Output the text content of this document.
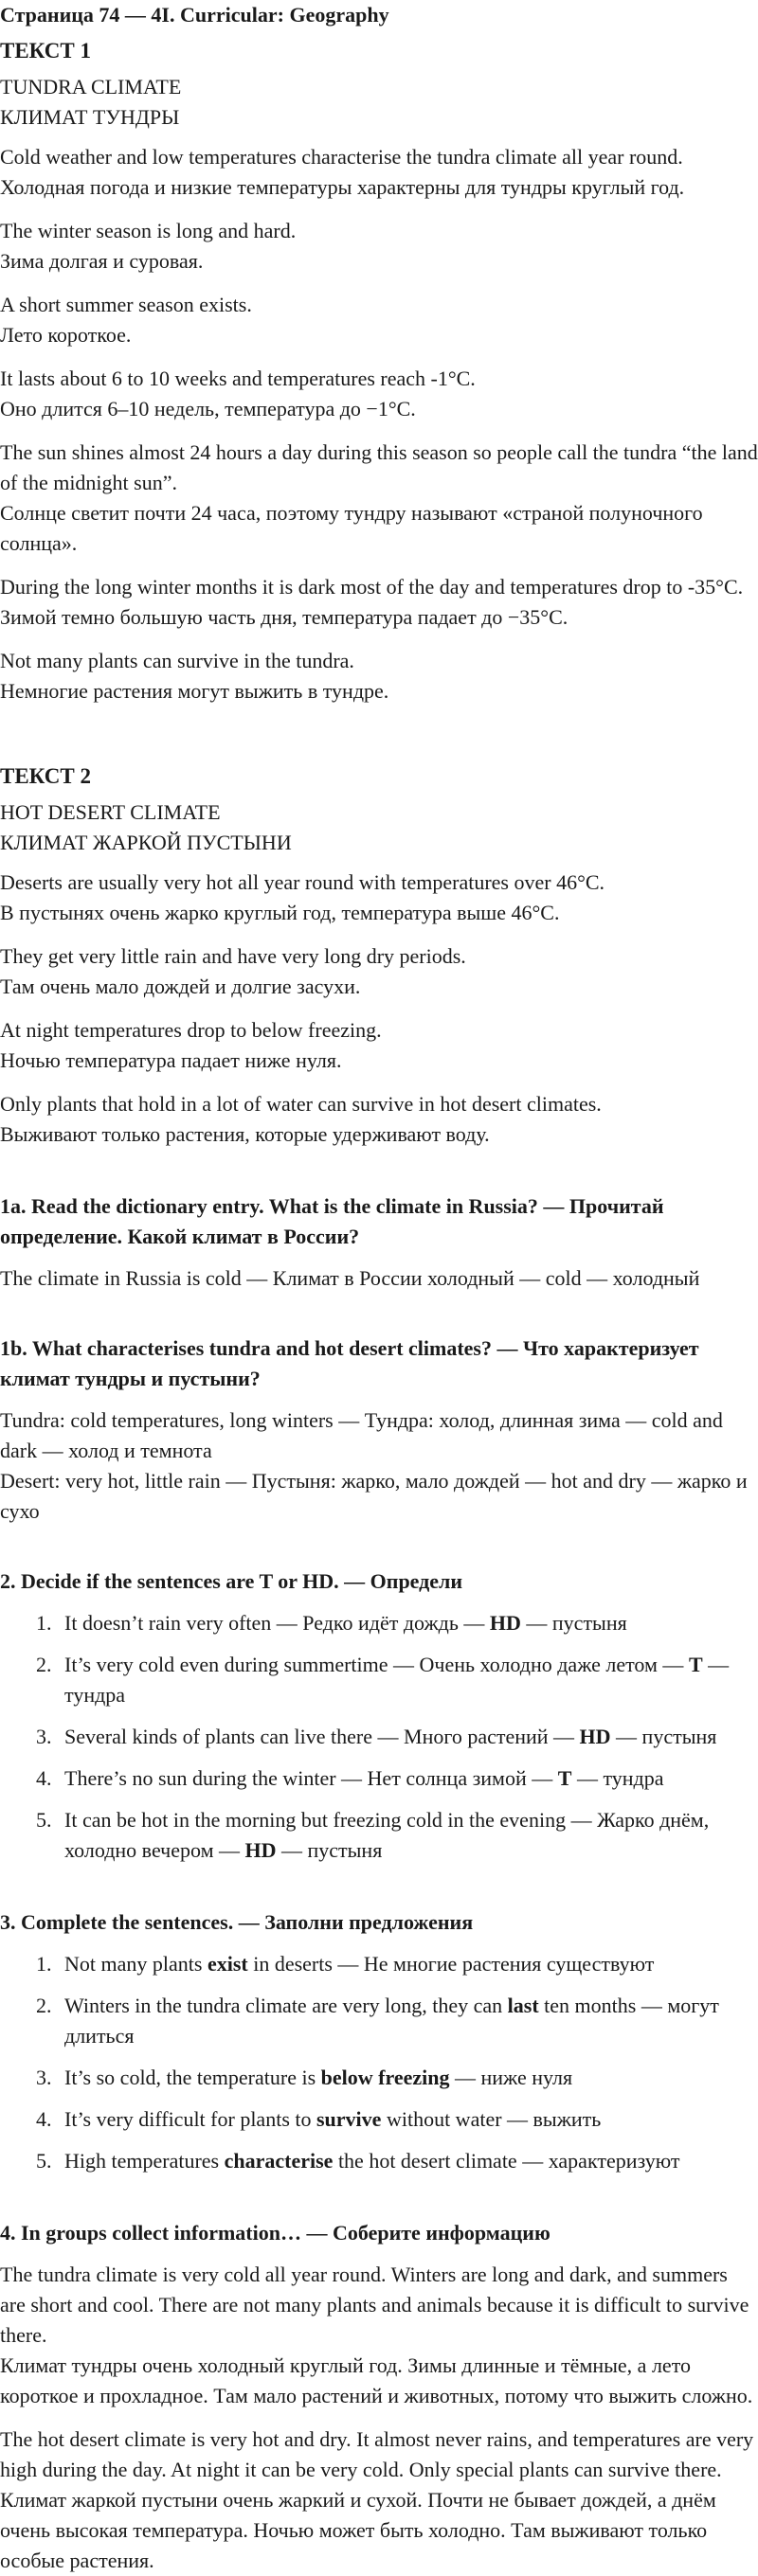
Страница 74 — 4I. Curricular: Geography
ТЕКСТ 1
TUNDRA CLIMATE
КЛИМАТ ТУНДРЫ
Cold weather and low temperatures characterise the tundra climate all year round.
Холодная погода и низкие температуры характерны для тундры круглый год.
The winter season is long and hard.
Зима долгая и суровая.
A short summer season exists.
Лето короткое.
It lasts about 6 to 10 weeks and temperatures reach -1°C.
Оно длится 6–10 недель, температура до −1°C.
The sun shines almost 24 hours a day during this season so people call the tundra “the land of the midnight sun”.
Солнце светит почти 24 часа, поэтому тундру называют «страной полуночного солнца».
During the long winter months it is dark most of the day and temperatures drop to -35°C.
Зимой темно большую часть дня, температура падает до −35°C.
Not many plants can survive in the tundra.
Немногие растения могут выжить в тундре.
ТЕКСТ 2
HOT DESERT CLIMATE
КЛИМАТ ЖАРКОЙ ПУСТЫНИ
Deserts are usually very hot all year round with temperatures over 46°C.
В пустынях очень жарко круглый год, температура выше 46°C.
They get very little rain and have very long dry periods.
Там очень мало дождей и долгие засухи.
At night temperatures drop to below freezing.
Ночью температура падает ниже нуля.
Only plants that hold in a lot of water can survive in hot desert climates.
Выживают только растения, которые удерживают воду.
1a. Read the dictionary entry. What is the climate in Russia? — Прочитай определение. Какой климат в России?
The climate in Russia is cold — Климат в России холодный — cold — холодный
1b. What characterises tundra and hot desert climates? — Что характеризует климат тундры и пустыни?
Tundra: cold temperatures, long winters — Тундра: холод, длинная зима — cold and dark — холод и темнота
Desert: very hot, little rain — Пустыня: жарко, мало дождей — hot and dry — жарко и сухо
2. Decide if the sentences are T or HD. — Определи
1. It doesn’t rain very often — Редко идёт дождь — HD — пустыня
2. It’s very cold even during summertime — Очень холодно даже летом — T — тундра
3. Several kinds of plants can live there — Много растений — HD — пустыня
4. There’s no sun during the winter — Нет солнца зимой — T — тундра
5. It can be hot in the morning but freezing cold in the evening — Жарко днём, холодно вечером — HD — пустыня
3. Complete the sentences. — Заполни предложения
1. Not many plants exist in deserts — Не многие растения существуют
2. Winters in the tundra climate are very long, they can last ten months — могут длиться
3. It’s so cold, the temperature is below freezing — ниже нуля
4. It’s very difficult for plants to survive without water — выжить
5. High temperatures characterise the hot desert climate — характеризуют
4. In groups collect information… — Соберите информацию
The tundra climate is very cold all year round. Winters are long and dark, and summers are short and cool. There are not many plants and animals because it is difficult to survive there.
Климат тундры очень холодный круглый год. Зимы длинные и тёмные, а лето короткое и прохладное. Там мало растений и животных, потому что выжить сложно.
The hot desert climate is very hot and dry. It almost never rains, and temperatures are very high during the day. At night it can be very cold. Only special plants can survive there.
Климат жаркой пустыни очень жаркий и сухой. Почти не бывает дождей, а днём очень высокая температура. Ночью может быть холодно. Там выживают только особые растения.
